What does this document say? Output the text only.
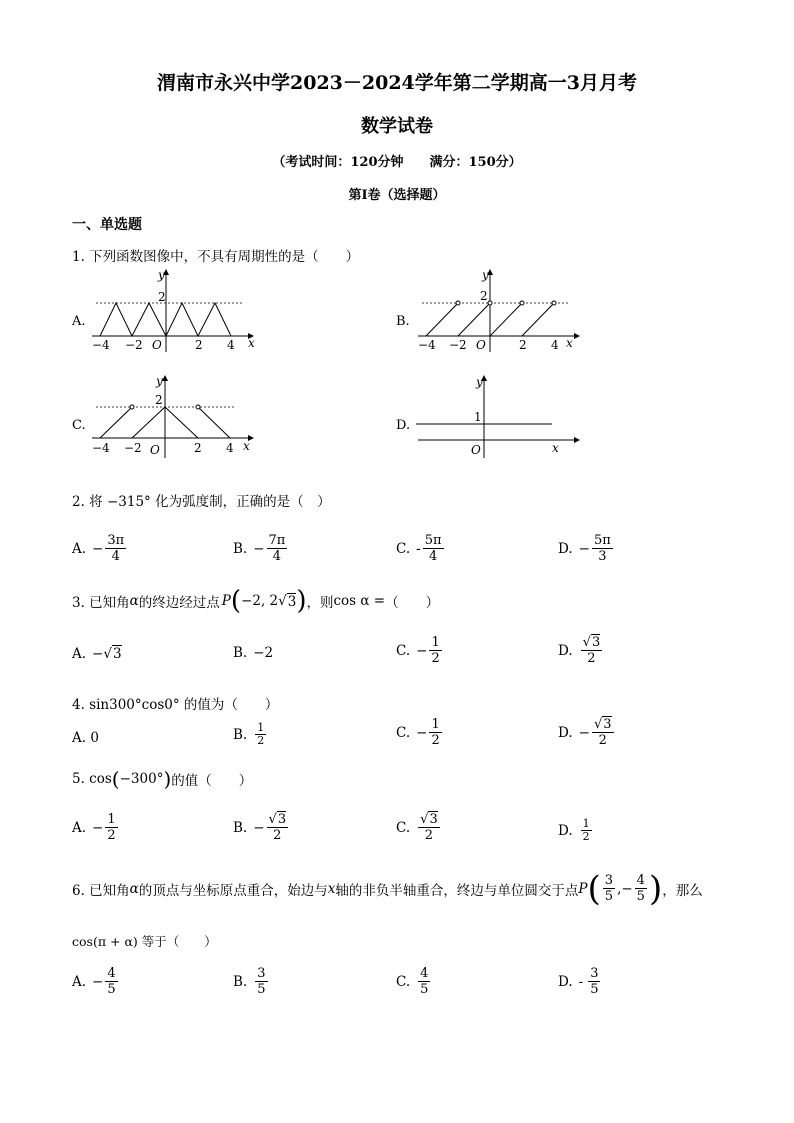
渭南市永兴中学2023－2024学年第二学期高一3月月考
数学试卷
（考试时间：120分钟　　满分：150分）
第Ⅰ卷（选择题）
一、单选题
1. 下列函数图像中，不具有周期性的是（　　）
A.
y
2
x
−4 −2 O	2 4
B.
y
2
x
−4 −2 O	2 4
C.
y
2
x
−4 −2 O	2 4
D.
y
1
x
O
2. 将 −315° 化为弧度制，正确的是（　）
A. − $\frac{3\pi}{4}$	B. − $\frac{7\pi}{4}$	C. - $\frac{5\pi}{4}$	D. − $\frac{5\pi}{3}$
3. 已知角 α 的终边经过点 P ( −2, 2 √ 3 ) ，则 cos α = （　　）
A. − √ 3	B. −2	C. − $\frac{1}{2}$	D. $\frac{√3}{2}$
4. sin300°cos0° 的值为（　　）
A. 0	B. $\frac{1}{2}$	C. − $\frac{1}{2}$	D. − $\frac{√3}{2}$
5. cos ( −300° ) 的值（　　）
A. − $\frac{1}{2}$	B. − $\frac{√3}{2}$	C. $\frac{√3}{2}$	D. $\frac{1}{2}$
6. 已知角 α 的顶点与坐标原点重合，始边与 x 轴的非负半轴重合，终边与单位圆交于点 P ( $\frac{3}{5}$ , − $\frac{4}{5}$ ) ，那么
cos(π + α) 等于（　　）
A. − $\frac{4}{5}$	B. $\frac{3}{5}$	C. $\frac{4}{5}$	D. - $\frac{3}{5}$
